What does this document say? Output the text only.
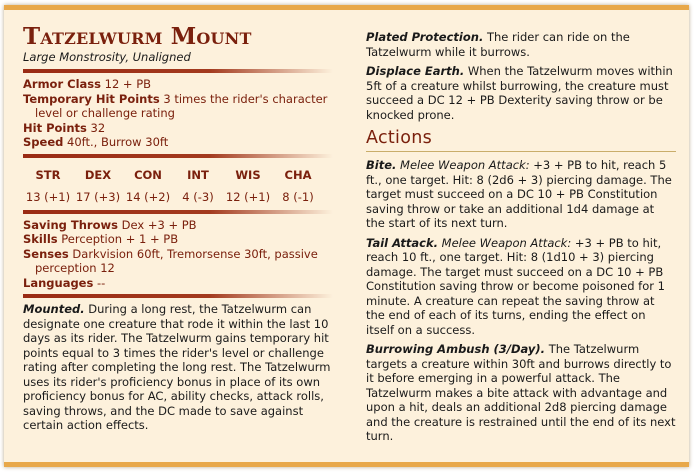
Tatzelwurm Mount

Large Monstrosity, Unaligned

Armor Class 12 + PB

Temporary Hit Points 3 times the rider's character level or challenge rating

Hit Points 32

Speed 40ft., Burrow 30ft

STR
13 (+1)
DEX
17 (+3)
CON
14 (+2)
INT
4 (-3)
WIS
12 (+1)
CHA
8 (-1)

Saving Throws Dex +3 + PB

Skills Perception + 1 + PB

Senses Darkvision 60ft, Tremorsense 30ft, passive perception 12

Languages --

Mounted. During a long rest, the Tatzelwurm can designate one creature that rode it within the last 10 days as its rider. The Tatzelwurm gains temporary hit points equal to 3 times the rider's level or challenge rating after completing the long rest. The Tatzelwurm uses its rider's proficiency bonus in place of its own proficiency bonus for AC, ability checks, attack rolls, saving throws, and the DC made to save against certain action effects.

Plated Protection. The rider can ride on the Tatzelwurm while it burrows.

Displace Earth. When the Tatzelwurm moves within 5ft of a creature whilst burrowing, the creature must succeed a DC 12 + PB Dexterity saving throw or be knocked prone.

Actions

Bite. Melee Weapon Attack: +3 + PB to hit, reach 5 ft., one target. Hit: 8 (2d6 + 3) piercing damage. The target must succeed on a DC 10 + PB Constitution saving throw or take an additional 1d4 damage at the start of its next turn.

Tail Attack. Melee Weapon Attack: +3 + PB to hit, reach 10 ft., one target. Hit: 8 (1d10 + 3) piercing damage. The target must succeed on a DC 10 + PB Constitution saving throw or become poisoned for 1 minute. A creature can repeat the saving throw at the end of each of its turns, ending the effect on itself on a success.

Burrowing Ambush (3/Day). The Tatzelwurm targets a creature within 30ft and burrows directly to it before emerging in a powerful attack. The Tatzelwurm makes a bite attack with advantage and upon a hit, deals an additional 2d8 piercing damage and the creature is restrained until the end of its next turn.
